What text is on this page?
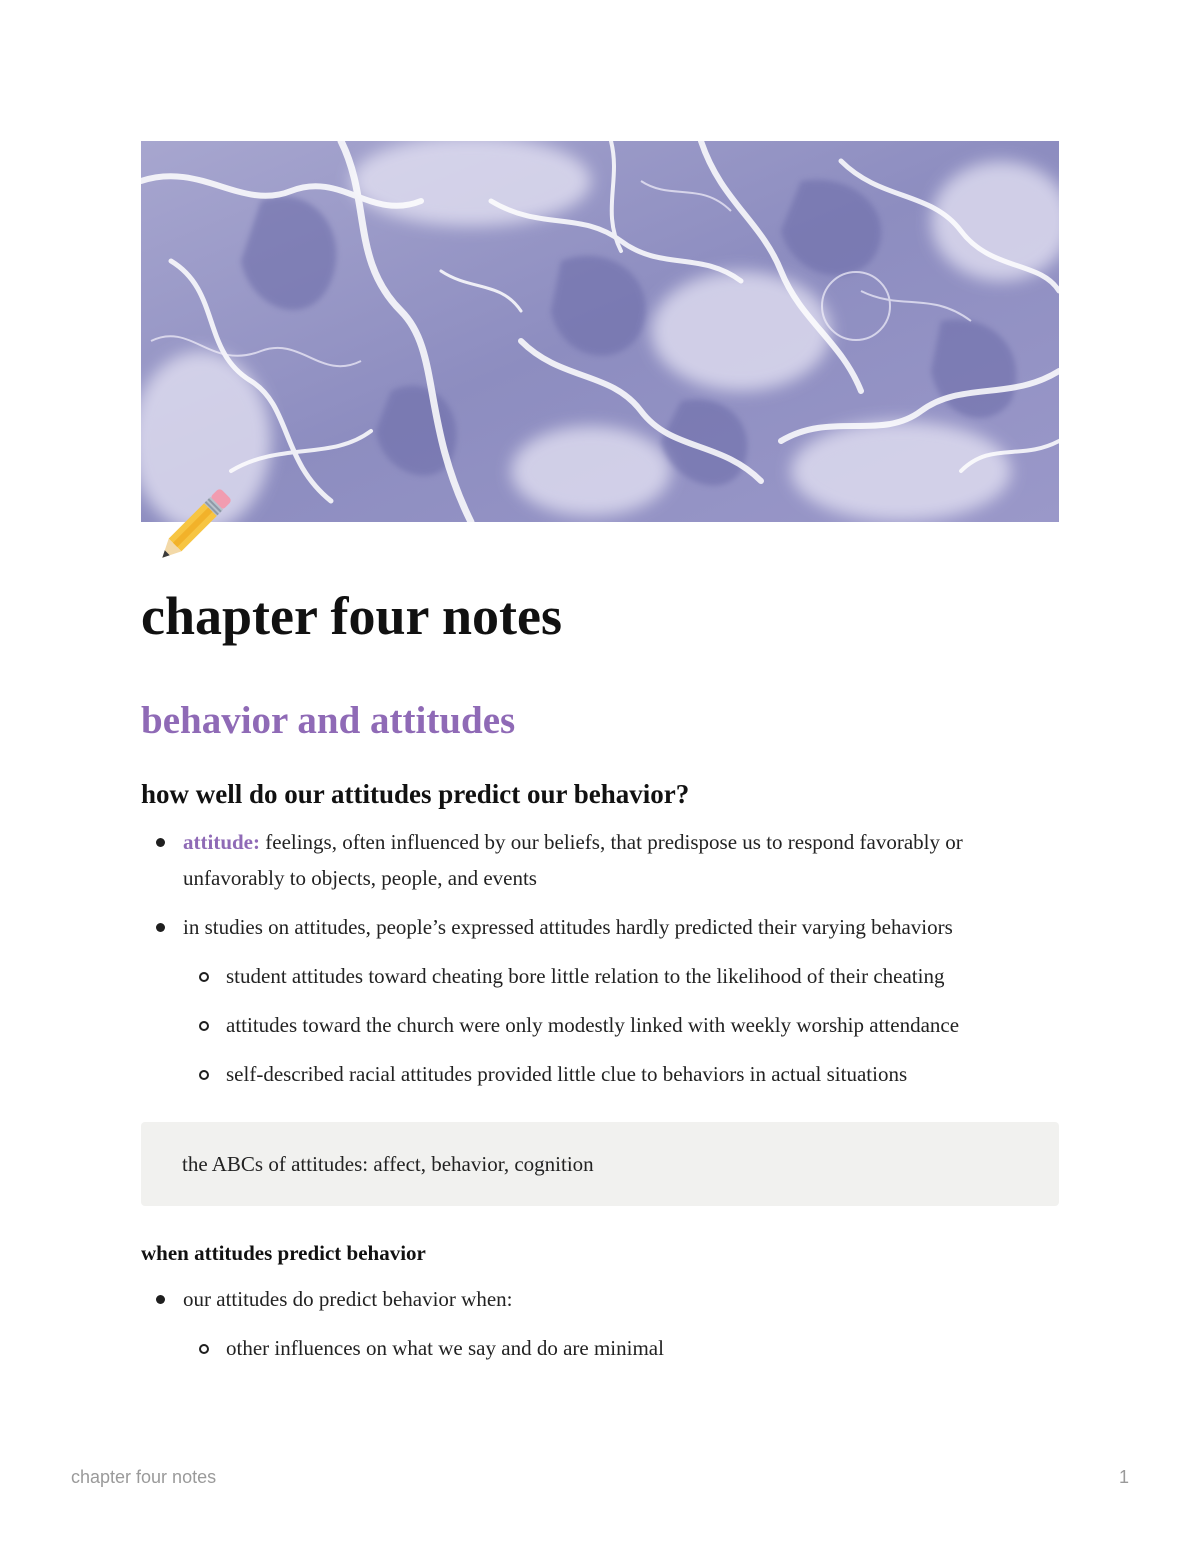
chapter four notes
behavior and attitudes
how well do our attitudes predict our behavior?
attitude: feelings, often influenced by our beliefs, that predispose us to respond favorably or unfavorably to objects, people, and events
in studies on attitudes, people’s expressed attitudes hardly predicted their varying behaviors
student attitudes toward cheating bore little relation to the likelihood of their cheating
attitudes toward the church were only modestly linked with weekly worship attendance
self-described racial attitudes provided little clue to behaviors in actual situations
the ABCs of attitudes: affect, behavior, cognition
when attitudes predict behavior
our attitudes do predict behavior when:
other influences on what we say and do are minimal
chapter four notes	1
